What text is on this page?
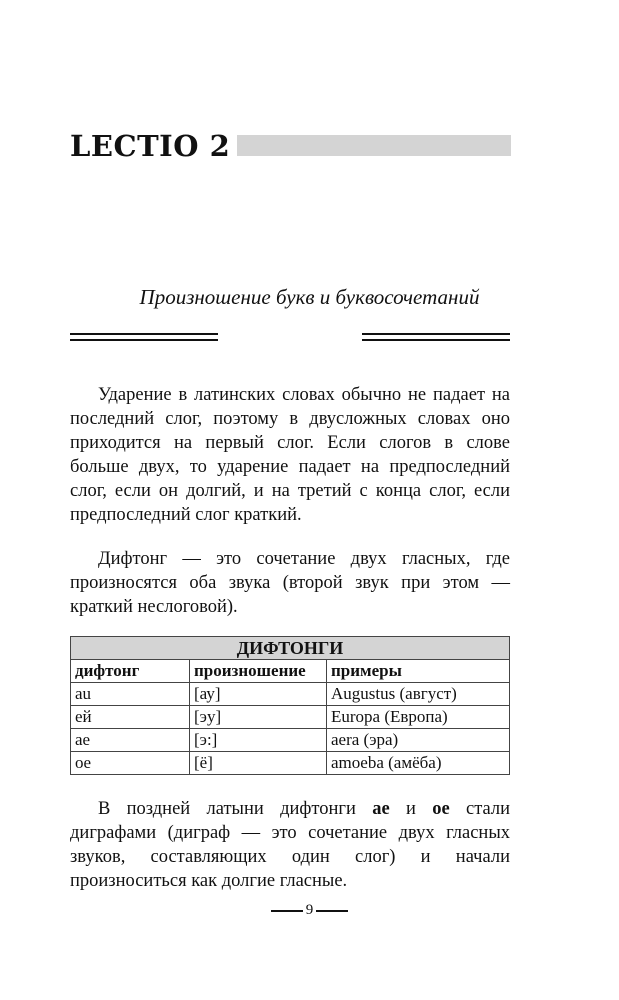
LECTIO 2
Произношение букв и буквосочетаний

Ударение в латинских словах обычно не падает на последний слог, поэтому в двусложных словах оно приходится на первый слог. Если слогов в слове больше двух, то ударение падает на предпоследний слог, если он долгий, и на третий с конца слог, если предпоследний слог краткий.

Дифтонг — это сочетание двух гласных, где произносятся оба звука (второй звук при этом — краткий неслоговой).

ДИФТОНГИ		
дифтонг	произношение	примеры
au	[ау]	Augustus (август)
eй	[эу]	Europa (Европа)
ae	[э:]	aera (эра)
oe	[ё]	amoeba (амёба)

В поздней латыни дифтонги ae и oe стали диграфами (диграф — это сочетание двух гласных звуков, составляющих один слог) и начали произноситься как долгие гласные.

9
